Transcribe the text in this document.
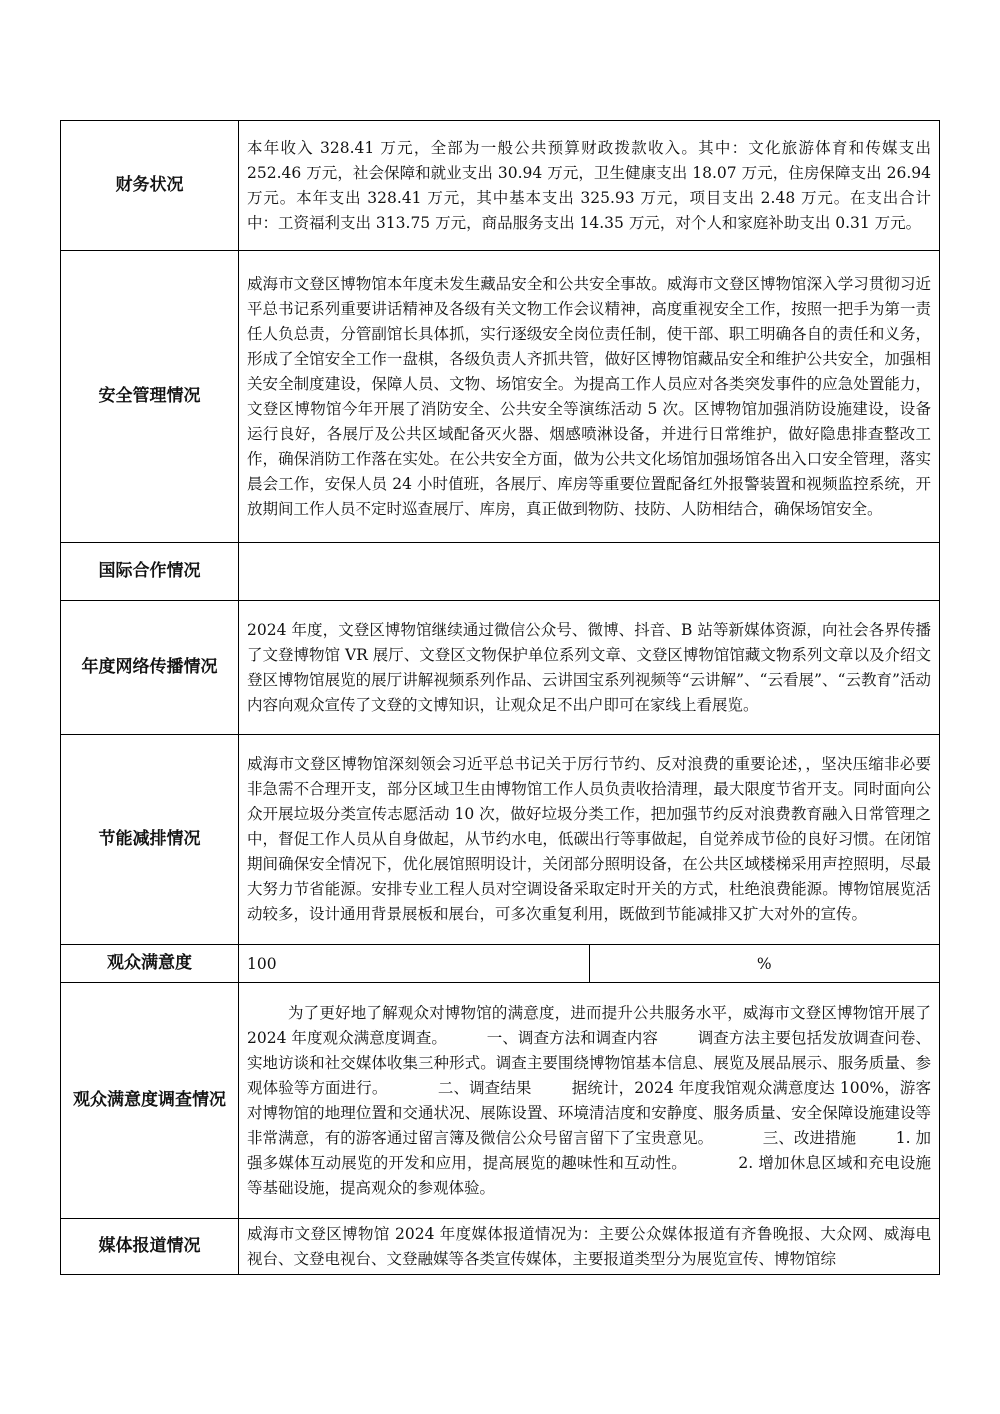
财务状况	本年收入 328.41 万元，全部为一般公共预算财政拨款收入。其中：文化旅游体育和传媒支出 252.46 万元，社会保障和就业支出 30.94 万元，卫生健康支出 18.07 万元，住房保障支出 26.94 万元。本年支出 328.41 万元，其中基本支出 325.93 万元，项目支出 2.48 万元。在支出合计中：工资福利支出 313.75 万元，商品服务支出 14.35 万元，对个人和家庭补助支出 0.31 万元。	
安全管理情况	威海市文登区博物馆本年度未发生藏品安全和公共安全事故。威海市文登区博物馆深入学习贯彻习近平总书记系列重要讲话精神及各级有关文物工作会议精神，高度重视安全工作，按照一把手为第一责任人负总责，分管副馆长具体抓，实行逐级安全岗位责任制，使干部、职工明确各自的责任和义务，形成了全馆安全工作一盘棋，各级负责人齐抓共管，做好区博物馆藏品安全和维护公共安全，加强相关安全制度建设，保障人员、文物、场馆安全。为提高工作人员应对各类突发事件的应急处置能力，文登区博物馆今年开展了消防安全、公共安全等演练活动 5 次。区博物馆加强消防设施建设，设备运行良好，各展厅及公共区域配备灭火器、烟感喷淋设备，并进行日常维护，做好隐患排查整改工作，确保消防工作落在实处。在公共安全方面，做为公共文化场馆加强场馆各出入口安全管理，落实晨会工作，安保人员 24 小时值班，各展厅、库房等重要位置配备红外报警装置和视频监控系统，开放期间工作人员不定时巡查展厅、库房，真正做到物防、技防、人防相结合，确保场馆安全。	
国际合作情况		
年度网络传播情况	2024 年度，文登区博物馆继续通过微信公众号、微博、抖音、B 站等新媒体资源，向社会各界传播了文登博物馆 VR 展厅、文登区文物保护单位系列文章、文登区博物馆馆藏文物系列文章以及介绍文登区博物馆展览的展厅讲解视频系列作品、云讲国宝系列视频等“云讲解”、“云看展”、“云教育”活动内容向观众宣传了文登的文博知识，让观众足不出户即可在家线上看展览。	
节能减排情况	威海市文登区博物馆深刻领会习近平总书记关于厉行节约、反对浪费的重要论述，，坚决压缩非必要非急需不合理开支，部分区域卫生由博物馆工作人员负责收拾清理，最大限度节省开支。同时面向公众开展垃圾分类宣传志愿活动 10 次，做好垃圾分类工作，把加强节约反对浪费教育融入日常管理之中，督促工作人员从自身做起，从节约水电，低碳出行等事做起，自觉养成节俭的良好习惯。在闭馆期间确保安全情况下，优化展馆照明设计，关闭部分照明设备，在公共区域楼梯采用声控照明，尽最大努力节省能源。安排专业工程人员对空调设备采取定时开关的方式，杜绝浪费能源。博物馆展览活动较多，设计通用背景展板和展台，可多次重复利用，既做到节能减排又扩大对外的宣传。	
观众满意度	100	%
观众满意度调查情况	为了更好地了解观众对博物馆的满意度，进而提升公共服务水平，威海市文登区博物馆开展了  2024 年度观众满意度调查。        一、调查方法和调查内容        调查方法主要包括发放调查问卷、实地访谈和社交媒体收集三种形式。调查主要围绕博物馆基本信息、展览及展品展示、服务质量、参观体验等方面进行。          二、调查结果        据统计，2024 年度我馆观众满意度达 100%，游客对博物馆的地理位置和交通状况、展陈设置、环境清洁度和安静度、服务质量、安全保障设施建设等非常满意，有的游客通过留言簿及微信公众号留言留下了宝贵意见。          三、改进措施        1. 加强多媒体互动展览的开发和应用，提高展览的趣味性和互动性。          2. 增加休息区域和充电设施等基础设施，提高观众的参观体验。	
媒体报道情况	威海市文登区博物馆 2024 年度媒体报道情况为：主要公众媒体报道有齐鲁晚报、大众网、威海电视台、文登电视台、文登融媒等各类宣传媒体，主要报道类型分为展览宣传、博物馆综	
